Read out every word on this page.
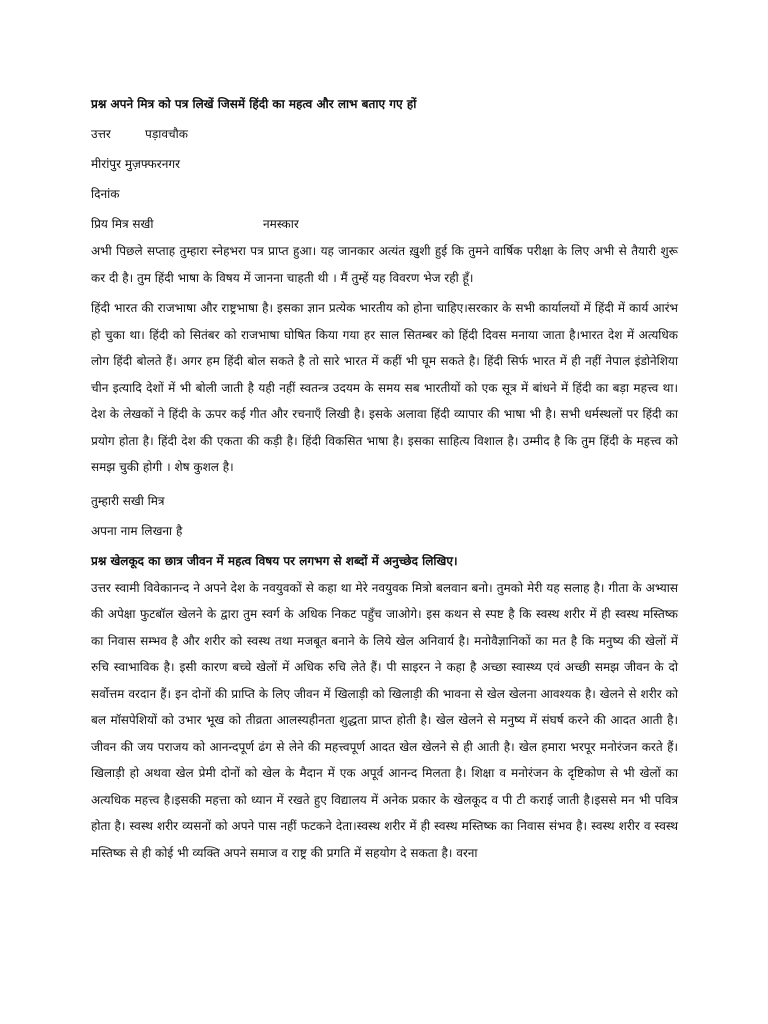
प्रश्न अपने मित्र को पत्र लिखें जिसमें हिंदी का महत्व और लाभ बताए गए हों
उत्तर	पड़ावचौक
मीरांपुर मुज़फ्फरनगर
दिनांक
प्रिय मित्र सखी	नमस्कार
अभी पिछले सप्ताह तुम्हारा स्नेहभरा पत्र प्राप्त हुआ। यह जानकार अत्यंत ख़ुशी हुई कि तुमने वार्षिक परीक्षा के लिए अभी से तैयारी शुरू कर दी है। तुम हिंदी भाषा के विषय में जानना चाहती थी । मैं तुम्हें यह विवरण भेज रही हूँ।
हिंदी भारत की राजभाषा और राष्ट्रभाषा है। इसका ज्ञान प्रत्येक भारतीय को होना चाहिए।सरकार के सभी कार्यालयों में हिंदी में कार्य आरंभ हो चुका था। हिंदी को सितंबर को राजभाषा घोषित किया गया हर साल सितम्बर को हिंदी दिवस मनाया जाता है।भारत देश में अत्यधिक लोग हिंदी बोलते हैं। अगर हम हिंदी बोल सकते है तो सारे भारत में कहीं भी घूम सकते है। हिंदी सिर्फ भारत में ही नहीं नेपाल इंडोनेशिया चीन इत्यादि देशों में भी बोली जाती है यही नहीं स्वतन्त्र उदयम के समय सब भारतीयों को एक सूत्र में बांधने में हिंदी का बड़ा महत्त्व था। देश के लेखकों ने हिंदी के ऊपर कई गीत और रचनाएँ लिखी है। इसके अलावा हिंदी व्यापार की भाषा भी है। सभी धर्मस्थलों पर हिंदी का प्रयोग होता है। हिंदी देश की एकता की कड़ी है। हिंदी विकसित भाषा है। इसका साहित्य विशाल है। उम्मीद है कि तुम हिंदी के महत्त्व को समझ चुकी होगी । शेष कुशल है।
तुम्हारी सखी मित्र
अपना नाम लिखना है
प्रश्न खेलकूद का छात्र जीवन में महत्व विषय पर लगभग से शब्दों में अनुच्छेद लिखिए।
उत्तर स्वामी विवेकानन्द ने अपने देश के नवयुवकों से कहा था मेरे नवयुवक मित्रो बलवान बनो। तुमको मेरी यह सलाह है। गीता के अभ्यास की अपेक्षा फुटबॉल खेलने के द्वारा तुम स्वर्ग के अधिक निकट पहुँच जाओगे। इस कथन से स्पष्ट है कि स्वस्थ शरीर में ही स्वस्थ मस्तिष्क का निवास सम्भव है और शरीर को स्वस्थ तथा मजबूत बनाने के लिये खेल अनिवार्य है। मनोवैज्ञानिकों का मत है कि मनुष्य की खेलों में रुचि स्वाभाविक है। इसी कारण बच्चे खेलों में अधिक रुचि लेते हैं। पी साइरन ने कहा है अच्छा स्वास्थ्य एवं अच्छी समझ जीवन के दो सर्वोत्तम वरदान हैं। इन दोनों की प्राप्ति के लिए जीवन में खिलाड़ी को खिलाड़ी की भावना से खेल खेलना आवश्यक है। खेलने से शरीर को बल मॉसपेशियों को उभार भूख को तीव्रता आलस्यहीनता शुद्धता प्राप्त होती है। खेल खेलने से मनुष्य में संघर्ष करने की आदत आती है। जीवन की जय पराजय को आनन्दपूर्ण ढंग से लेने की महत्त्वपूर्ण आदत खेल खेलने से ही आती है। खेल हमारा भरपूर मनोरंजन करते हैं। खिलाड़ी हो अथवा खेल प्रेमी दोनों को खेल के मैदान में एक अपूर्व आनन्द मिलता है। शिक्षा व मनोरंजन के दृष्टिकोण से भी खेलों का अत्यधिक महत्त्व है।इसकी महत्ता को ध्यान में रखते हुए विद्यालय में अनेक प्रकार के खेलकूद व पी टी कराई जाती है।इससे मन भी पवित्र होता है। स्वस्थ शरीर व्यसनों को अपने पास नहीं फटकने देता।स्वस्थ शरीर में ही स्वस्थ मस्तिष्क का निवास संभव है। स्वस्थ शरीर व स्वस्थ मस्तिष्क से ही कोई भी व्यक्ति अपने समाज व राष्ट्र की प्रगति में सहयोग दे सकता है। वरना
